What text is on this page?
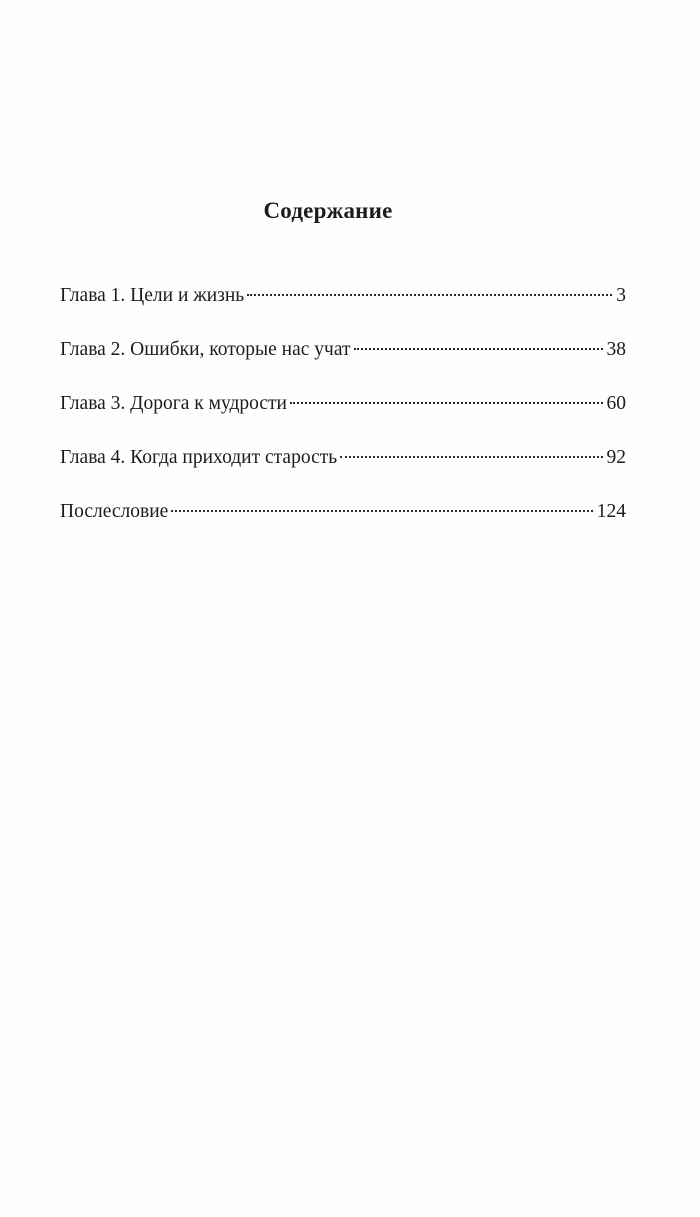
Содержание
Глава 1. Цели и жизнь	3
Глава 2. Ошибки, которые нас учат	38
Глава 3. Дорога к мудрости	60
Глава 4. Когда приходит старость	92
Послесловие	124
